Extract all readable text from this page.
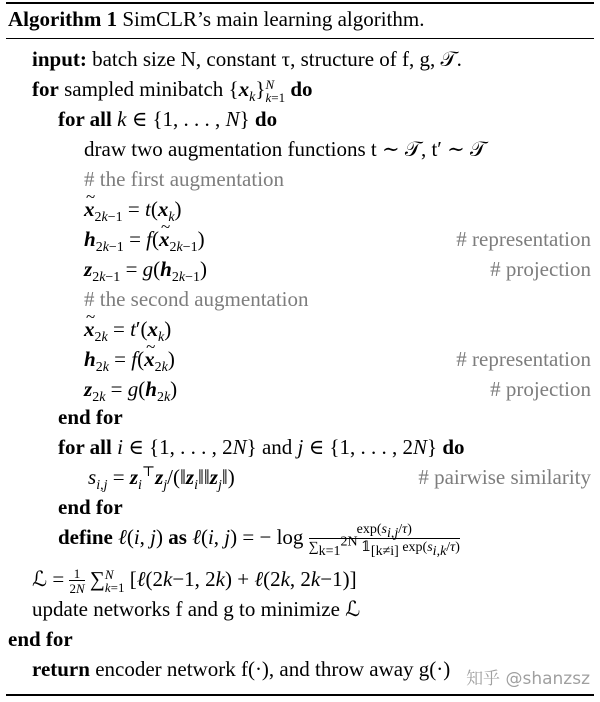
Algorithm 1 SimCLR’s main learning algorithm.
input: batch size N, constant τ, structure of f, g, 𝒯.
for sampled minibatch $\{x_k\}$ N
k=1 do
for all k ∈ {1, . . . , N} do
draw two augmentation functions t ∼ 𝒯, t′ ∼ 𝒯
# the first augmentation
~ $x_{2k-1} = t(x_k)$
$h_{2k-1}$ = f(~ $x_{2k-1}$)	# representation
$z_{2k-1} = g(h_{2k-1})$	# projection
# the second augmentation
~ $x_{2k} = t'(x_k)$
$h_{2k}$ = f(~ $x_{2k}$)	# representation
$z_{2k} = g(h_{2k})$	# projection
end for
for all i ∈ {1, . . . , 2N} and j ∈ {1, . . . , 2N} do
$s_{i,j}$ = $z_i^⊤z_j/(‖z_i‖‖z_j‖)$	# pairwise similarity
end for
define ℓ(i, j) as ℓ(i, j) = − $\log \frac{\exp(s_{i,j}/\tau)}{\sum_{k=1}^{2N} 𝟙_{[k\ne i]} \exp(s_{i,k}/\tau)}$
ℒ = $\frac{1}{2N}$ ∑ N
k=1 [ℓ(2k−1, 2k) + ℓ(2k, 2k−1)]
update networks f and g to minimize ℒ
end for
return encoder network f(·), and throw away g(·) 知乎 @shanzsz
